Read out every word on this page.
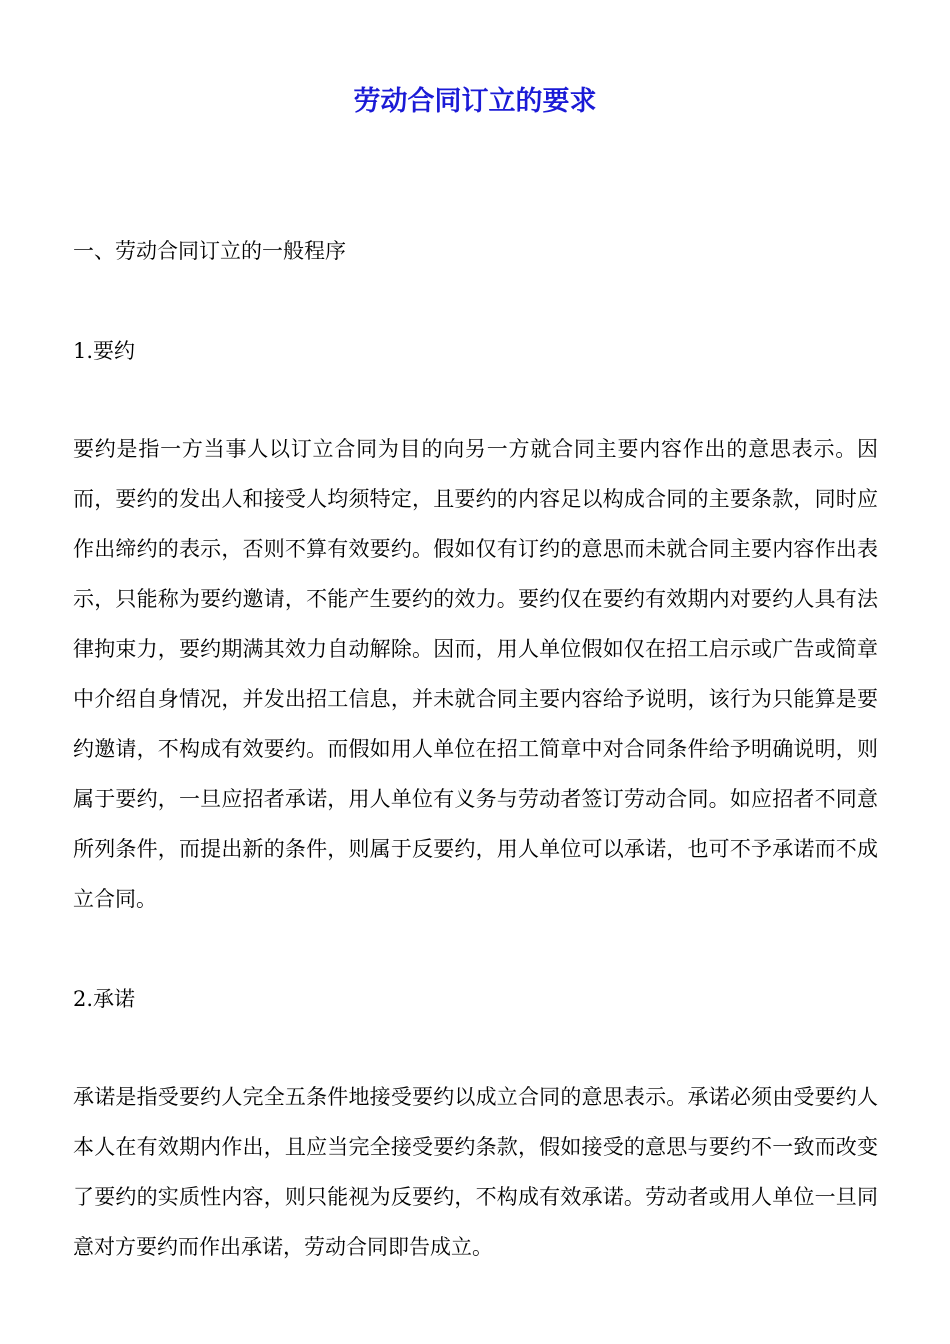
劳动合同订立的要求

一、劳动合同订立的一般程序

1.要约

要约是指一方当事人以订立合同为目的向另一方就合同主要内容作出的意思表示。因而，要约的发出人和接受人均须特定，且要约的内容足以构成合同的主要条款，同时应作出缔约的表示，否则不算有效要约。假如仅有订约的意思而未就合同主要内容作出表示，只能称为要约邀请，不能产生要约的效力。要约仅在要约有效期内对要约人具有法律拘束力，要约期满其效力自动解除。因而，用人单位假如仅在招工启示或广告或简章中介绍自身情况，并发出招工信息，并未就合同主要内容给予说明，该行为只能算是要约邀请，不构成有效要约。而假如用人单位在招工简章中对合同条件给予明确说明，则属于要约，一旦应招者承诺，用人单位有义务与劳动者签订劳动合同。如应招者不同意所列条件，而提出新的条件，则属于反要约，用人单位可以承诺，也可不予承诺而不成立合同。

2.承诺

承诺是指受要约人完全五条件地接受要约以成立合同的意思表示。承诺必须由受要约人本人在有效期内作出，且应当完全接受要约条款，假如接受的意思与要约不一致而改变了要约的实质性内容，则只能视为反要约，不构成有效承诺。劳动者或用人单位一旦同意对方要约而作出承诺，劳动合同即告成立。
